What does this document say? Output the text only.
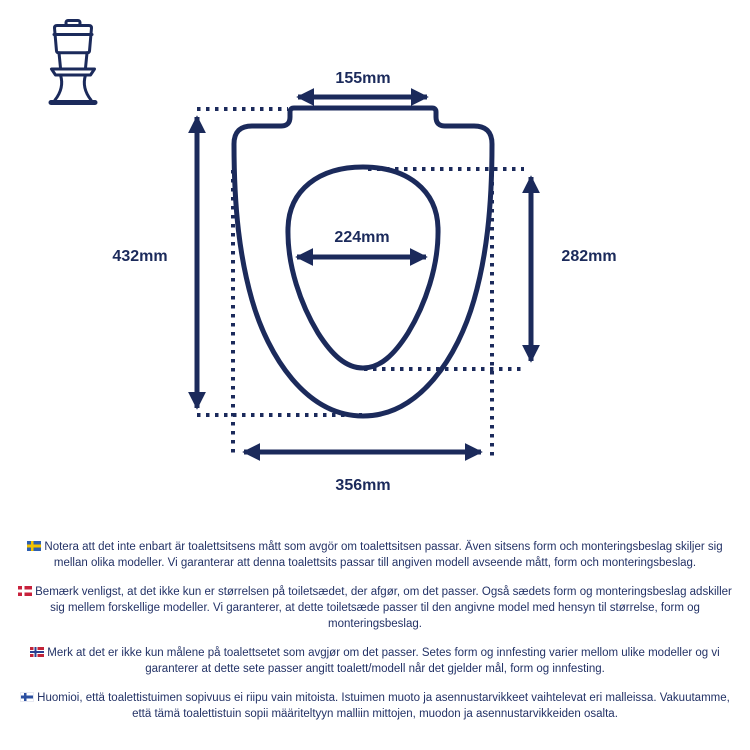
155mm
432mm
224mm
282mm
356mm

Notera att det inte enbart är toalettsitsens mått som avgör om toalettsitsen passar. Även sitsens form och monteringsbeslag skiljer sig mellan olika modeller. Vi garanterar att denna toalettsits passar till angiven modell avseende mått, form och monteringsbeslag.

Bemærk venligst, at det ikke kun er størrelsen på toiletsædet, der afgør, om det passer. Også sædets form og monteringsbeslag adskiller sig mellem forskellige modeller. Vi garanterer, at dette toiletsæde passer til den angivne model med hensyn til størrelse, form og monteringsbeslag.

Merk at det er ikke kun målene på toalettsetet som avgjør om det passer. Setes form og innfesting varier mellom ulike modeller og vi garanterer at dette sete passer angitt toalett/modell når det gjelder mål, form og innfesting.

Huomioi, että toalettistuimen sopivuus ei riipu vain mitoista. Istuimen muoto ja asennustarvikkeet vaihtelevat eri malleissa. Vakuutamme, että tämä toalettistuin sopii määriteltyyn malliin mittojen, muodon ja asennustarvikkeiden osalta.
